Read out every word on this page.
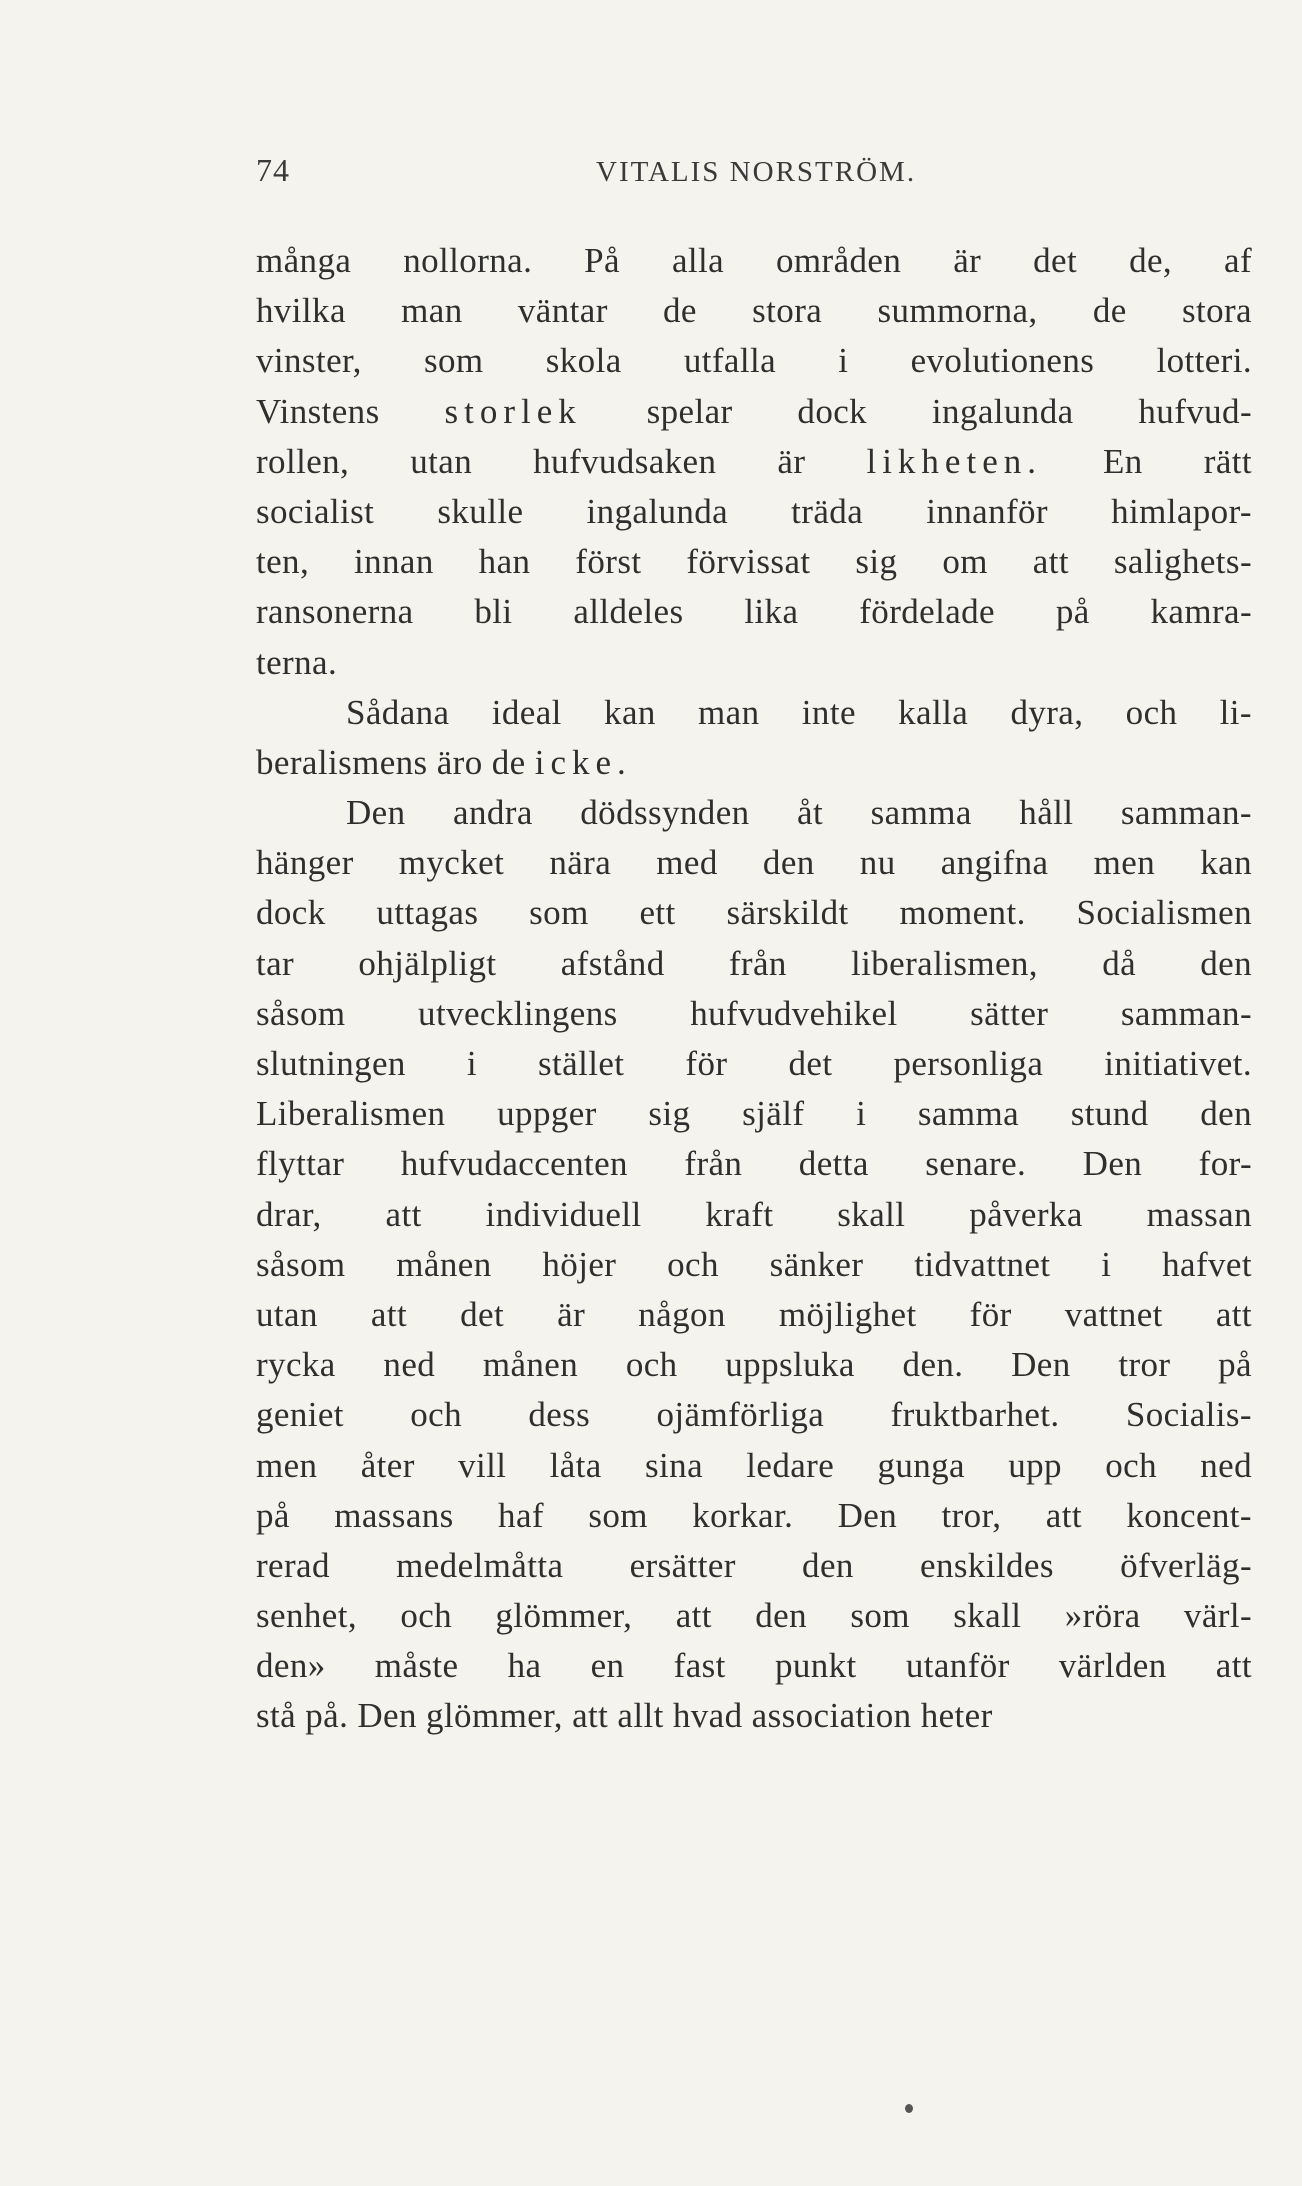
74	VITALIS NORSTRÖM.
många nollorna. På alla områden är det de, af
hvilka man väntar de stora summorna, de stora
vinster, som skola utfalla i evolutionens lotteri.
Vinstens storlek spelar dock ingalunda hufvud-
rollen, utan hufvudsaken är likheten. En rätt
socialist skulle ingalunda träda innanför himlapor-
ten, innan han först förvissat sig om att salighets-
ransonerna bli alldeles lika fördelade på kamra-
terna.
Sådana ideal kan man inte kalla dyra, och li-
beralismens äro de icke.
Den andra dödssynden åt samma håll samman-
hänger mycket nära med den nu angifna men kan
dock uttagas som ett särskildt moment. Socialismen
tar ohjälpligt afstånd från liberalismen, då den
såsom utvecklingens hufvudvehikel sätter samman-
slutningen i stället för det personliga initiativet.
Liberalismen uppger sig själf i samma stund den
flyttar hufvudaccenten från detta senare. Den for-
drar, att individuell kraft skall påverka massan
såsom månen höjer och sänker tidvattnet i hafvet
utan att det är någon möjlighet för vattnet att
rycka ned månen och uppsluka den. Den tror på
geniet och dess ojämförliga fruktbarhet. Socialis-
men åter vill låta sina ledare gunga upp och ned
på massans haf som korkar. Den tror, att koncent-
rerad medelmåtta ersätter den enskildes öfverläg-
senhet, och glömmer, att den som skall »röra värl-
den» måste ha en fast punkt utanför världen att
stå på. Den glömmer, att allt hvad association heter
